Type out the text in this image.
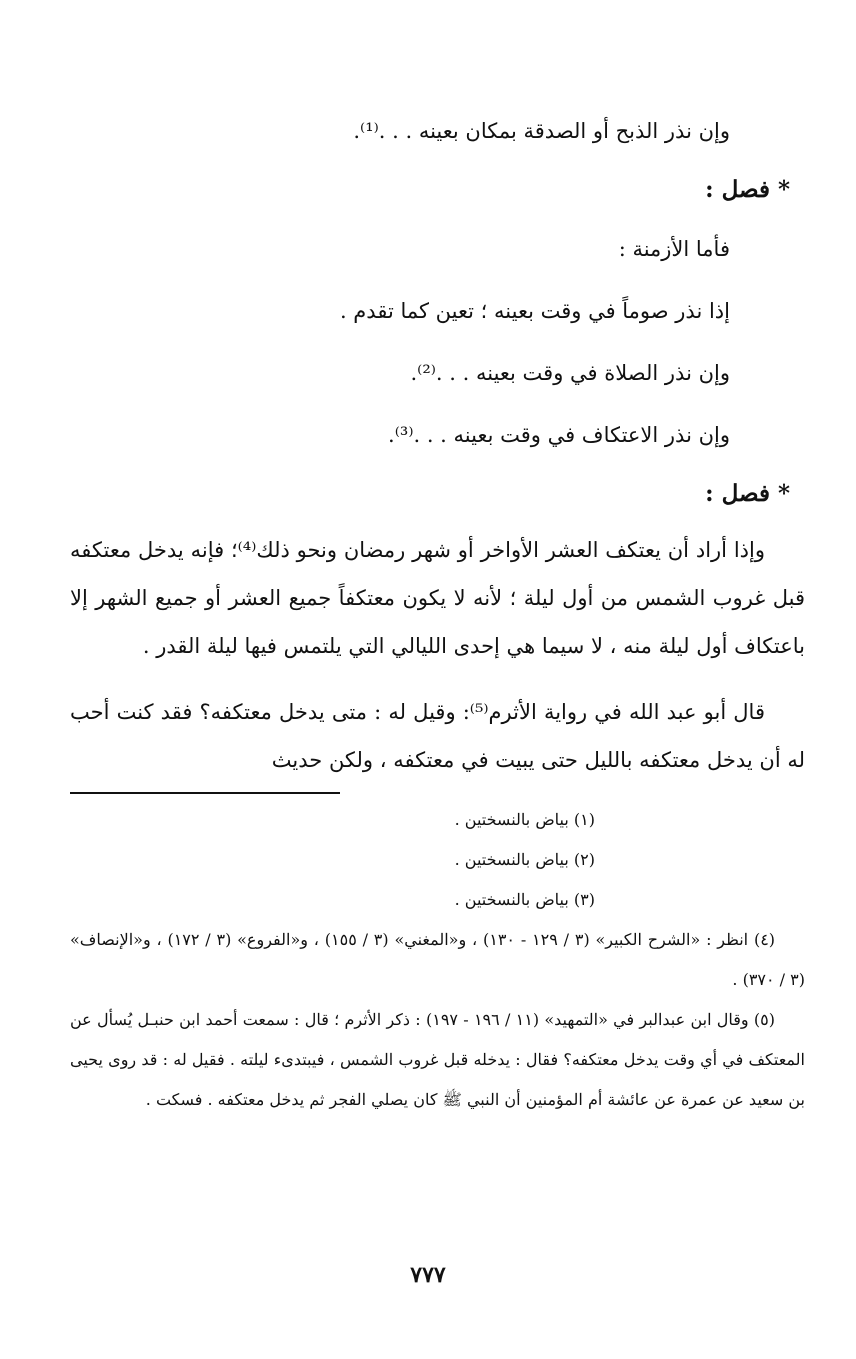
وإن نذر الذبح أو الصدقة بمكان بعينه . . .⁽¹⁾.

* فصل :

فأما الأزمنة :

إذا نذر صوماً في وقت بعينه ؛ تعين كما تقدم .

وإن نذر الصلاة في وقت بعينه . . .⁽²⁾.

وإن نذر الاعتكاف في وقت بعينه . . .⁽³⁾.

* فصل :

وإذا أراد أن يعتكف العشر الأواخر أو شهر رمضان ونحو ذلك⁽⁴⁾؛ فإنه يدخل معتكفه قبل غروب الشمس من أول ليلة ؛ لأنه لا يكون معتكفاً جميع العشر أو جميع الشهر إلا باعتكاف أول ليلة منه ، لا سيما هي إحدى الليالي التي يلتمس فيها ليلة القدر .

قال أبو عبد الله في رواية الأثرم⁽⁵⁾: وقيل له : متى يدخل معتكفه؟ فقد كنت أحب له أن يدخل معتكفه بالليل حتى يبيت في معتكفه ، ولكن حديث

(١) بياض بالنسختين .

(٢) بياض بالنسختين .

(٣) بياض بالنسختين .

(٤) انظر : «الشرح الكبير» (٣ / ١٢٩ - ١٣٠) ، و«المغني» (٣ / ١٥٥) ، و«الفروع» (٣ / ١٧٢) ، و«الإنصاف» (٣ / ٣٧٠) .

(٥) وقال ابن عبدالبر في «التمهيد» (١١ / ١٩٦ - ١٩٧) : ذكر الأثرم ؛ قال : سمعت أحمد ابن حنبـل يُسأل عن المعتكف في أي وقت يدخل معتكفه؟ فقال : يدخله قبل غروب الشمس ، فيبتدىء ليلته . فقيل له : قد روى يحيى بن سعيد عن عمرة عن عائشة أم المؤمنين أن النبي ﷺ كان يصلي الفجر ثم يدخل معتكفه . فسكت .

٧٧٧
